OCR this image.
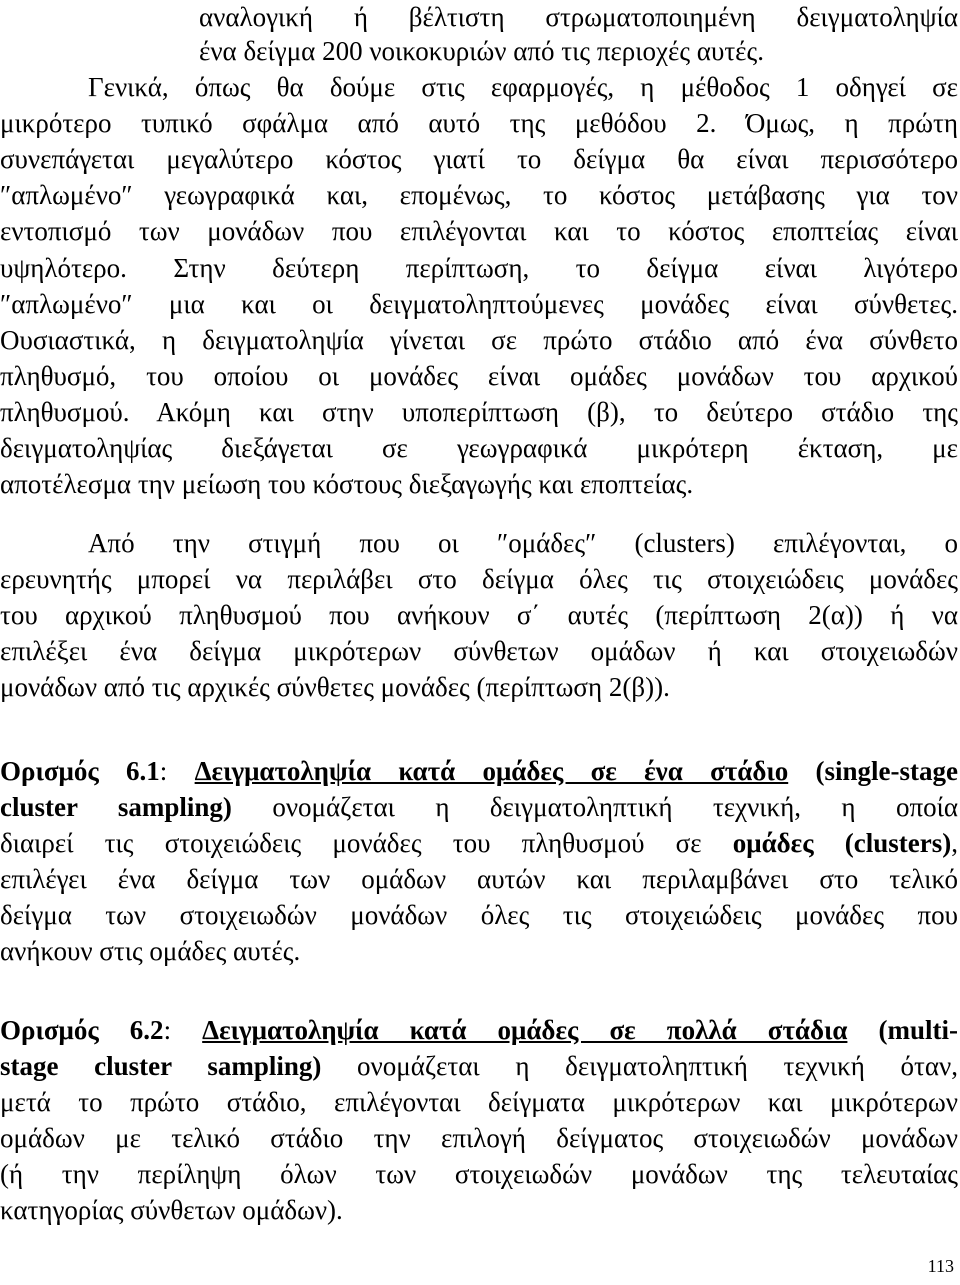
αναλογική ή βέλτιστη στρωματοποιημένη δειγματοληψία
ένα δείγμα 200 νοικοκυριών από τις περιοχές αυτές.
Γενικά, όπως θα δούμε στις εφαρμογές, η μέθοδος 1 οδηγεί σε
μικρότερο τυπικό σφάλμα από αυτό της μεθόδου 2. Όμως, η πρώτη
συνεπάγεται μεγαλύτερο κόστος γιατί το δείγμα θα είναι περισσότερο
″απλωμένο″ γεωγραφικά και, επομένως, το κόστος μετάβασης για τον
εντοπισμό των μονάδων που επιλέγονται και το κόστος εποπτείας είναι
υψηλότερο. Στην δεύτερη περίπτωση, το δείγμα είναι λιγότερο
″απλωμένο″ μια και οι δειγματοληπτούμενες μονάδες είναι σύνθετες.
Ουσιαστικά, η δειγματοληψία γίνεται σε πρώτο στάδιο από ένα σύνθετο
πληθυσμό, του οποίου οι μονάδες είναι ομάδες μονάδων του αρχικού
πληθυσμού. Ακόμη και στην υποπερίπτωση (β), το δεύτερο στάδιο της
δειγματοληψίας διεξάγεται σε γεωγραφικά μικρότερη έκταση, με
αποτέλεσμα την μείωση του κόστους διεξαγωγής και εποπτείας.
Από την στιγμή που οι ″ομάδες″ (clusters) επιλέγονται, ο
ερευνητής μπορεί να περιλάβει στο δείγμα όλες τις στοιχειώδεις μονάδες
του αρχικού πληθυσμού που ανήκουν σ΄ αυτές (περίπτωση 2(α)) ή να
επιλέξει ένα δείγμα μικρότερων σύνθετων ομάδων ή και στοιχειωδών
μονάδων από τις αρχικές σύνθετες μονάδες (περίπτωση 2(β)).
Ορισμός 6.1: Δειγματοληψία κατά ομάδες σε ένα στάδιο (single-stage
cluster sampling) ονομάζεται η δειγματοληπτική τεχνική, η οποία
διαιρεί τις στοιχειώδεις μονάδες του πληθυσμού σε ομάδες (clusters),
επιλέγει ένα δείγμα των ομάδων αυτών και περιλαμβάνει στο τελικό
δείγμα των στοιχειωδών μονάδων όλες τις στοιχειώδεις μονάδες που
ανήκουν στις ομάδες αυτές.
Ορισμός 6.2: Δειγματοληψία κατά ομάδες σε πολλά στάδια (multi-
stage cluster sampling) ονομάζεται η δειγματοληπτική τεχνική όταν,
μετά το πρώτο στάδιο, επιλέγονται δείγματα μικρότερων και μικρότερων
ομάδων με τελικό στάδιο την επιλογή δείγματος στοιχειωδών μονάδων
(ή την περίληψη όλων των στοιχειωδών μονάδων της τελευταίας
κατηγορίας σύνθετων ομάδων).
113
